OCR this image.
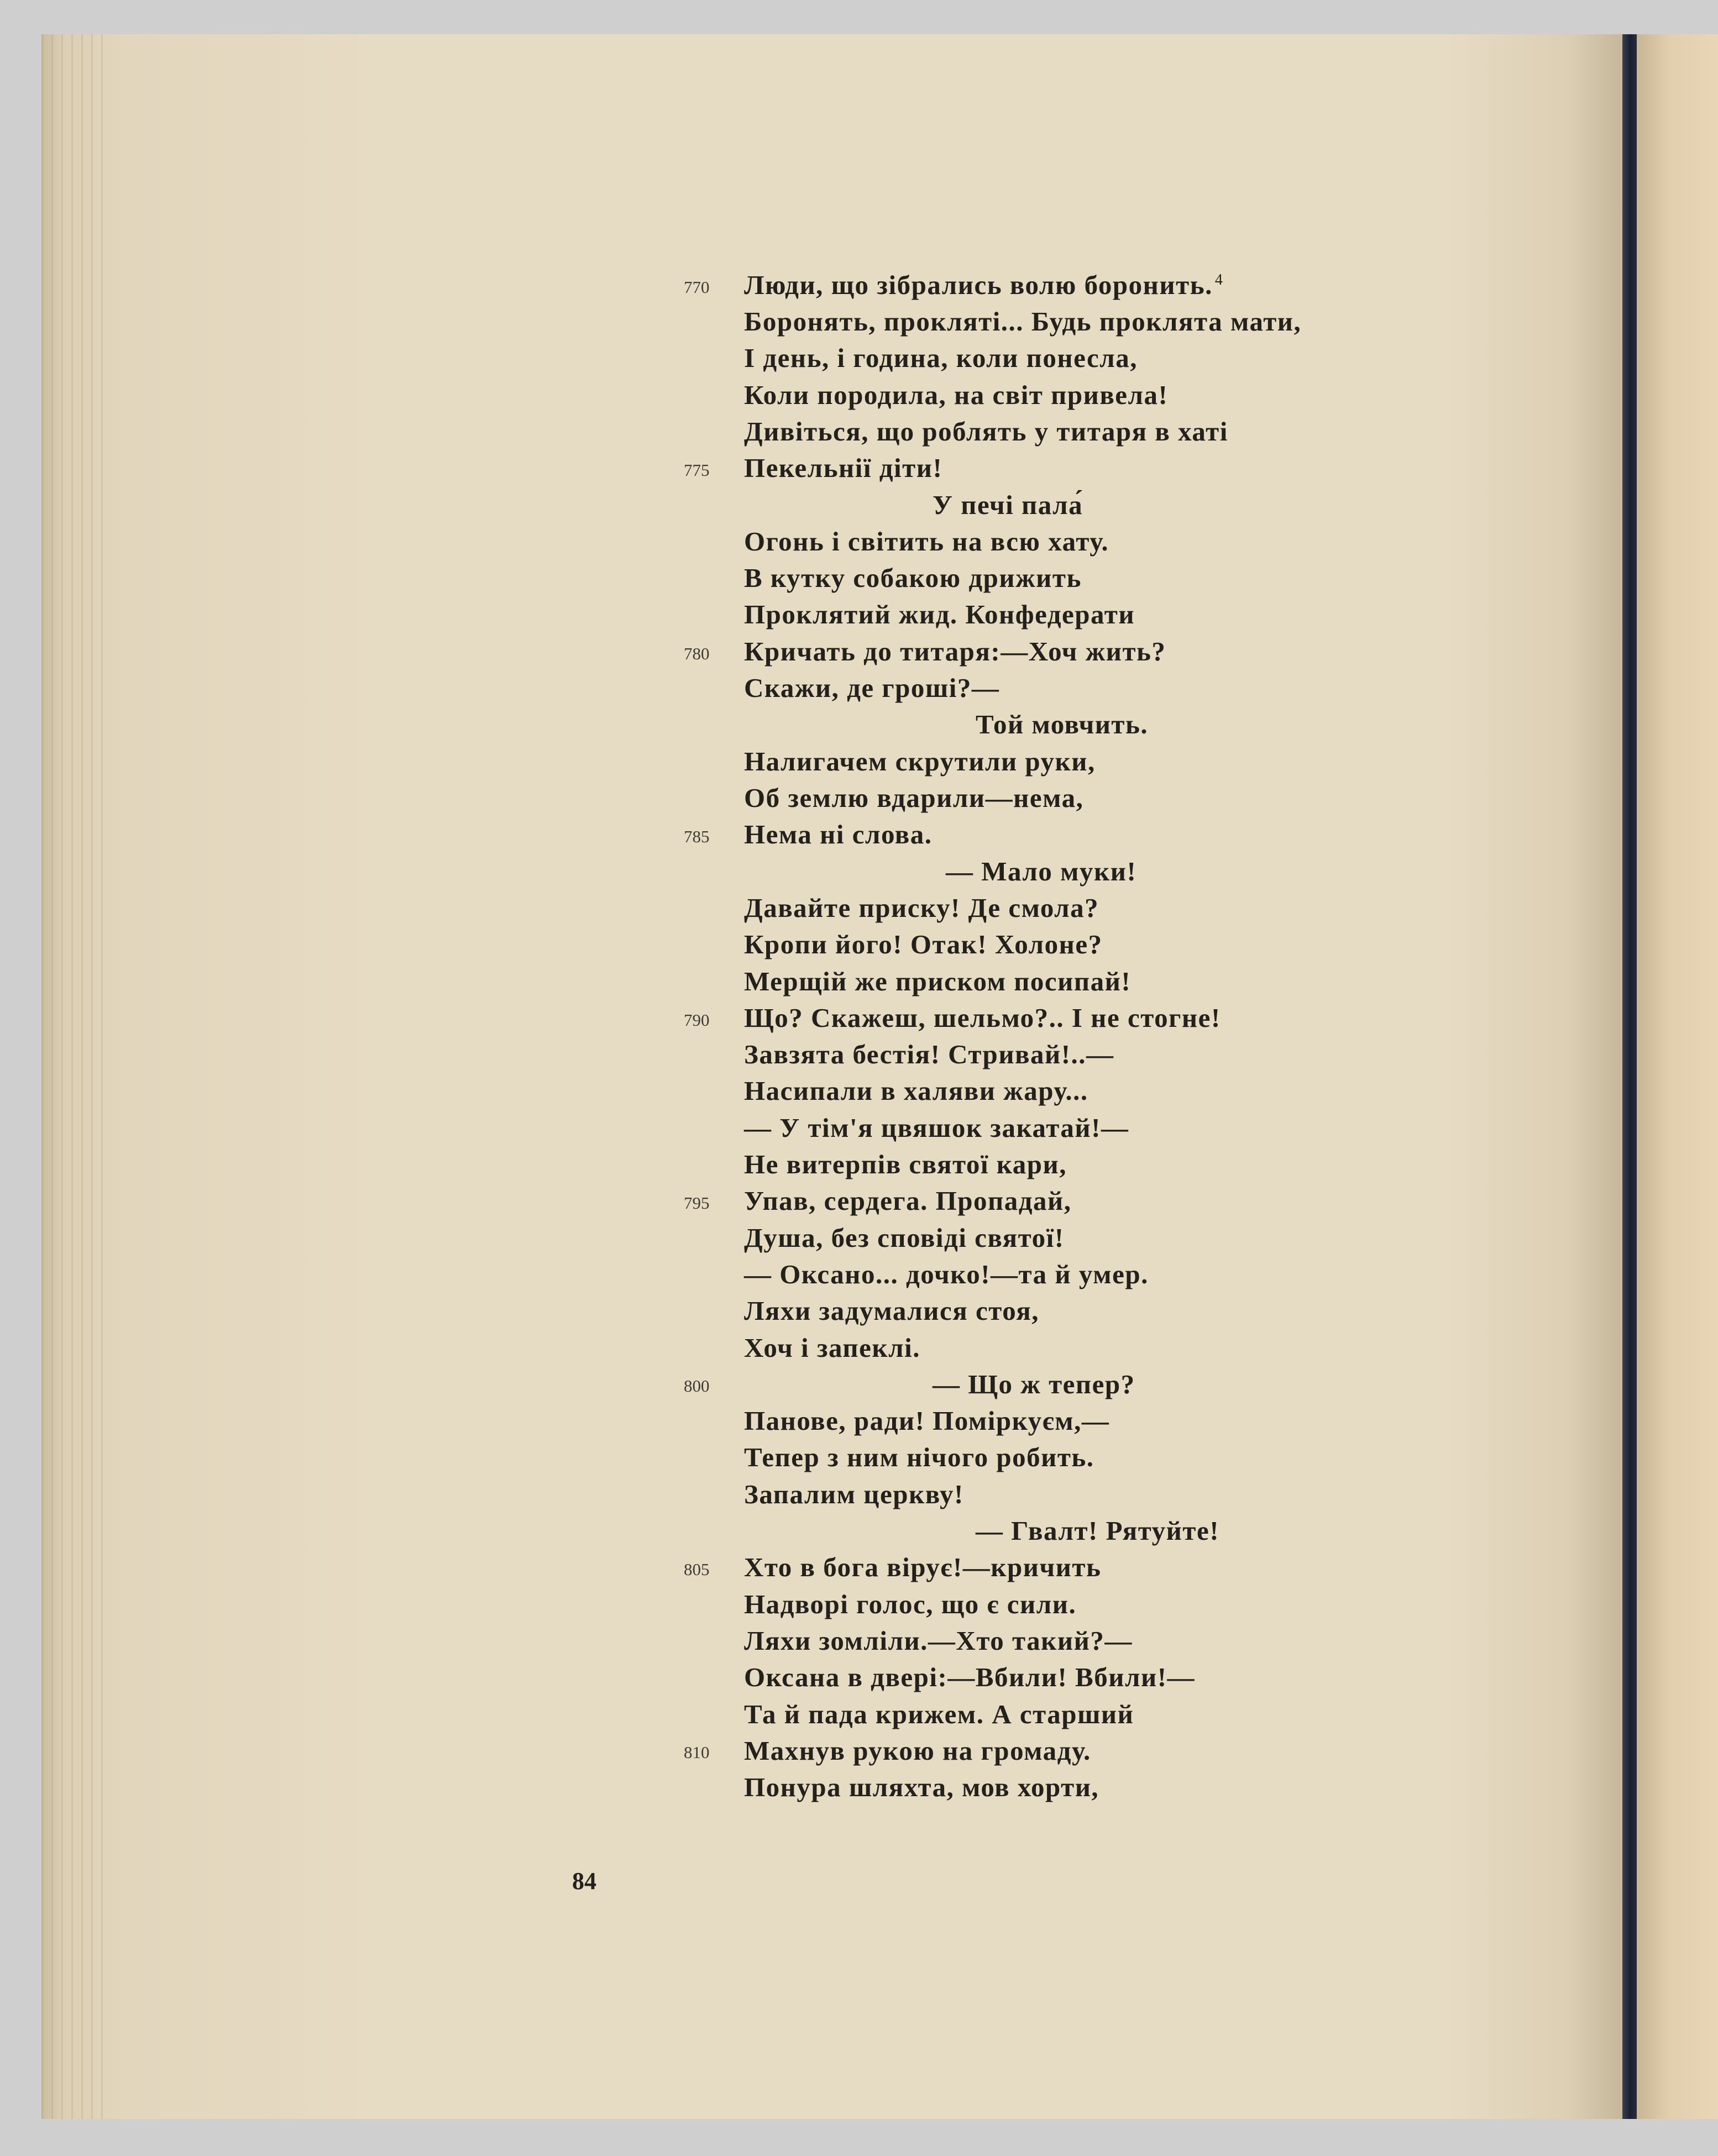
770
775
780
785
790
795
800
805
810
Люди, що зібрались волю боронить. $^4$
Боронять, прокляті... Будь проклята мати,
І день, і година, коли понесла,
Коли породила, на світ привела!
Дивіться, що роблять у титаря в хаті
Пекельнії діти!
У печі пала́
Огонь і світить на всю хату.
В кутку собакою дрижить
Проклятий жид. Конфедерати
Кричать до титаря:—Хоч жить?
Скажи, де гроші?—
Той мовчить.
Налигачем скрутили руки,
Об землю вдарили—нема,
Нема ні слова.
— Мало муки!
Давайте приску! Де смола?
Кропи його! Отак! Холоне?
Мерщій же приском посипай!
Що? Скажеш, шельмо?.. І не стогне!
Завзята бестія! Стривай!..—
Насипали в халяви жару...
— У тім'я цвяшок закатай!—
Не витерпів святої кари,
Упав, сердега. Пропадай,
Душа, без сповіді святої!
— Оксано... дочко!—та й умер.
Ляхи задумалися стоя,
Хоч і запеклі.
— Що ж тепер?
Панове, ради! Поміркуєм,—
Тепер з ним нічого робить.
Запалим церкву!
— Гвалт! Рятуйте!
Хто в бога вірує!—кричить
Надворі голос, що є сили.
Ляхи зомліли.—Хто такий?—
Оксана в двері:—Вбили! Вбили!—
Та й пада крижем. А старший
Махнув рукою на громаду.
Понура шляхта, мов хорти,
84
